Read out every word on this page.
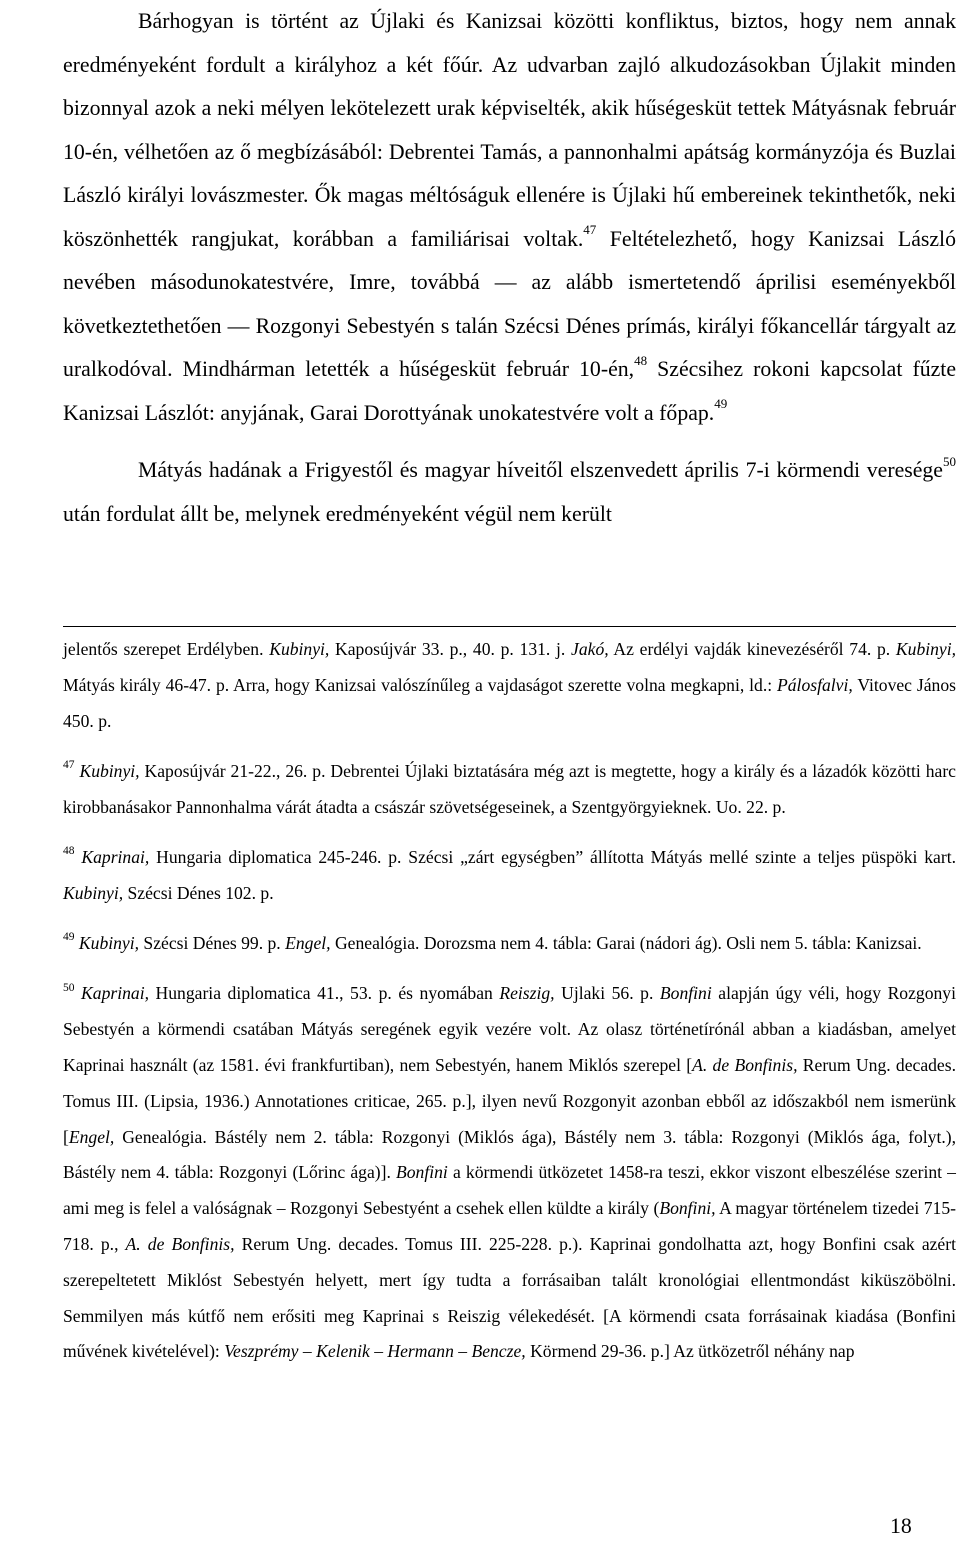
Bárhogyan is történt az Újlaki és Kanizsai közötti konfliktus, biztos, hogy nem annak eredményeként fordult a királyhoz a két főúr. Az udvarban zajló alkudozásokban Újlakit minden bizonnyal azok a neki mélyen lekötelezett urak képviselték, akik hűségesküt tettek Mátyásnak február 10-én, vélhetően az ő megbízásából: Debrentei Tamás, a pannonhalmi apátság kormányzója és Buzlai László királyi lovászmester. Ők magas méltóságuk ellenére is Újlaki hű embereinek tekinthetők, neki köszönhették rangjukat, korábban a familiárisai voltak.$^{47}$ Feltételezhető, hogy Kanizsai László nevében másodunokatestvére, Imre, továbbá — az alább ismertetendő áprilisi eseményekből következtethetően — Rozgonyi Sebestyén s talán Szécsi Dénes prímás, királyi főkancellár tárgyalt az uralkodóval. Mindhárman letették a hűségesküt február 10-én,$^{48}$ Szécsihez rokoni kapcsolat fűzte Kanizsai Lászlót: anyjának, Garai Dorottyának unokatestvére volt a főpap.$^{49}$

Mátyás hadának a Frigyestől és magyar híveitől elszenvedett április 7-i körmendi veresége$^{50}$ után fordulat állt be, melynek eredményeként végül nem került

jelentős szerepet Erdélyben. Kubinyi, Kaposújvár 33. p., 40. p. 131. j. Jakó, Az erdélyi vajdák kinevezéséről 74. p. Kubinyi, Mátyás király 46-47. p. Arra, hogy Kanizsai valószínűleg a vajdaságot szerette volna megkapni, ld.: Pálosfalvi, Vitovec János 450. p.

$^{47}$ Kubinyi, Kaposújvár 21-22., 26. p. Debrentei Újlaki biztatására még azt is megtette, hogy a király és a lázadók közötti harc kirobbanásakor Pannonhalma várát átadta a császár szövetségeseinek, a Szentgyörgyieknek. Uo. 22. p.

$^{48}$ Kaprinai, Hungaria diplomatica 245-246. p. Szécsi „zárt egységben” állította Mátyás mellé szinte a teljes püspöki kart. Kubinyi, Szécsi Dénes 102. p.

$^{49}$ Kubinyi, Szécsi Dénes 99. p. Engel, Genealógia. Dorozsma nem 4. tábla: Garai (nádori ág). Osli nem 5. tábla: Kanizsai.

$^{50}$ Kaprinai, Hungaria diplomatica 41., 53. p. és nyomában Reiszig, Ujlaki 56. p. Bonfini alapján úgy véli, hogy Rozgonyi Sebestyén a körmendi csatában Mátyás seregének egyik vezére volt. Az olasz történetírónál abban a kiadásban, amelyet Kaprinai használt (az 1581. évi frankfurtiban), nem Sebestyén, hanem Miklós szerepel [A. de Bonfinis, Rerum Ung. decades. Tomus III. (Lipsia, 1936.) Annotationes criticae, 265. p.], ilyen nevű Rozgonyit azonban ebből az időszakból nem ismerünk [Engel, Genealógia. Bástély nem 2. tábla: Rozgonyi (Miklós ága), Bástély nem 3. tábla: Rozgonyi (Miklós ága, folyt.), Bástély nem 4. tábla: Rozgonyi (Lőrinc ága)]. Bonfini a körmendi ütközetet 1458-ra teszi, ekkor viszont elbeszélése szerint – ami meg is felel a valóságnak – Rozgonyi Sebestyént a csehek ellen küldte a király (Bonfini, A magyar történelem tizedei 715-718. p., A. de Bonfinis, Rerum Ung. decades. Tomus III. 225-228. p.). Kaprinai gondolhatta azt, hogy Bonfini csak azért szerepeltetett Miklóst Sebestyén helyett, mert így tudta a forrásaiban talált kronológiai ellentmondást kiküszöbölni. Semmilyen más kútfő nem erősiti meg Kaprinai s Reiszig vélekedését. [A körmendi csata forrásainak kiadása (Bonfini művének kivételével): Veszprémy – Kelenik – Hermann – Bencze, Körmend 29-36. p.] Az ütközetről néhány nap

18
